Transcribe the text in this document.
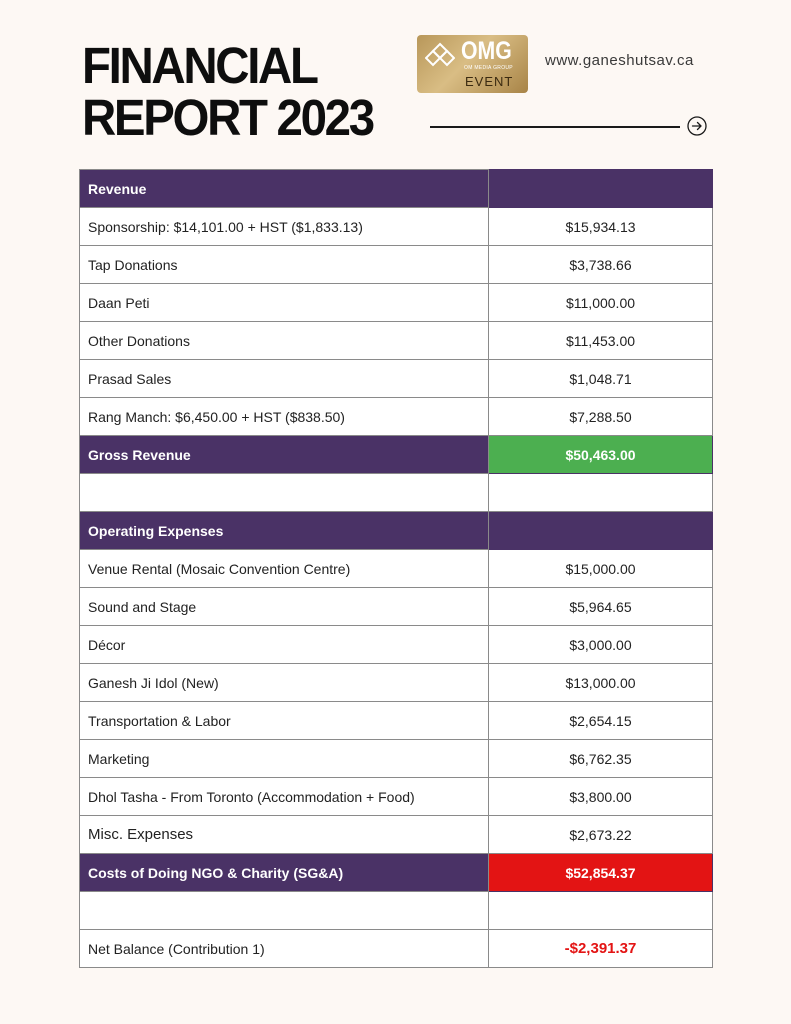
FINANCIAL
REPORT 2023
OMG
OM MEDIA GROUP
EVENT
www.ganeshutsav.ca
Revenue	
Sponsorship: $14,101.00 + HST ($1,833.13)	$15,934.13
Tap Donations	$3,738.66
Daan Peti	$11,000.00
Other Donations	$11,453.00
Prasad Sales	$1,048.71
Rang Manch: $6,450.00 + HST ($838.50)	$7,288.50
Gross Revenue	$50,463.00

Operating Expenses	
Venue Rental (Mosaic Convention Centre)	$15,000.00
Sound and Stage	$5,964.65
Décor	$3,000.00
Ganesh Ji Idol (New)	$13,000.00
Transportation & Labor	$2,654.15
Marketing	$6,762.35
Dhol Tasha - From Toronto (Accommodation + Food)	$3,800.00
Misc. Expenses	$2,673.22
Costs of Doing NGO & Charity (SG&A)	$52,854.37

Net Balance (Contribution 1)	-$2,391.37
